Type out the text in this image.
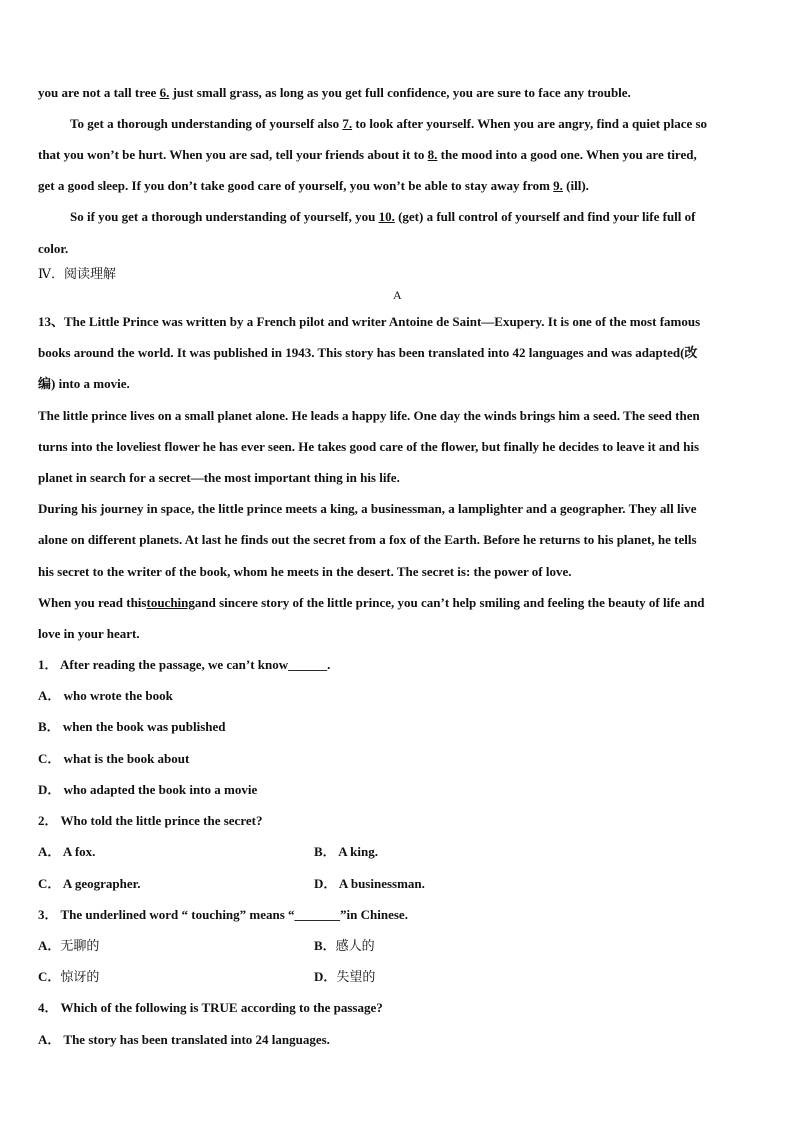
you are not a tall tree 6. just small grass, as long as you get full confidence, you are sure to face any trouble.
To get a thorough understanding of yourself also 7. to look after yourself. When you are angry, find a quiet place so
that you won’t be hurt. When you are sad, tell your friends about it to 8. the mood into a good one. When you are tired,
get a good sleep. If you don’t take good care of yourself, you won’t be able to stay away from 9. (ill).
So if you get a thorough understanding of yourself, you 10. (get) a full control of yourself and find your life full of
color.
Ⅳ．阅读理解
A
13、The Little Prince was written by a French pilot and writer Antoine de Saint—Exupery. It is one of the most famous
books around the world. It was published in 1943. This story has been translated into 42 languages and was adapted(改
编) into a movie.
The little prince lives on a small planet alone. He leads a happy life. One day the winds brings him a seed. The seed then
turns into the loveliest flower he has ever seen. He takes good care of the flower, but finally he decides to leave it and his
planet in search for a secret—the most important thing in his life.
During his journey in space, the little prince meets a king, a businessman, a lamplighter and a geographer. They all live
alone on different planets. At last he finds out the secret from a fox of the Earth. Before he returns to his planet, he tells
his secret to the writer of the book, whom he meets in the desert. The secret is: the power of love.
When you read thistouchingand sincere story of the little prince, you can’t help smiling and feeling the beauty of life and
love in your heart.
1． After reading the passage, we can’t know______.
A． who wrote the book
B． when the book was published
C． what is the book about
D． who adapted the book into a movie
2． Who told the little prince the secret?
A． A fox.	B． A king.
C． A geographer.	D． A businessman.
3． The underlined word “ touching” means “_______”in Chinese.
A．无聊的	B．感人的
C．惊讶的	D．失望的
4． Which of the following is TRUE according to the passage?
A． The story has been translated into 24 languages.
